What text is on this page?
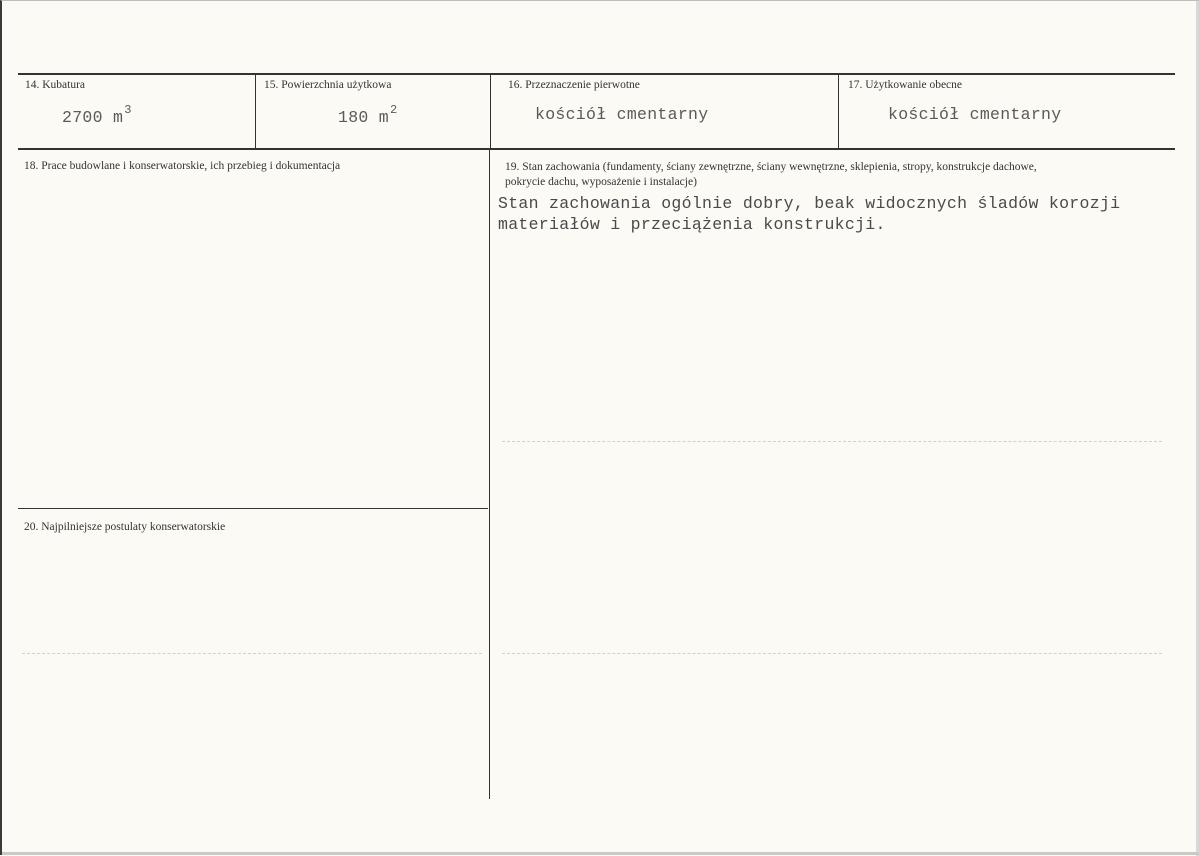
14. Kubatura
2700 $m^3$
15. Powierzchnia użytkowa
180 $m^2$
16. Przeznaczenie pierwotne
kościół cmentarny
17. Użytkowanie obecne
kościół cmentarny
18. Prace budowlane i konserwatorskie, ich przebieg i dokumentacja	19. Stan zachowania (fundamenty, ściany zewnętrzne, ściany wewnętrzne, sklepienia, stropy, konstrukcje dachowe, pokrycie dachu, wyposażenie i instalacje)
Stan zachowania ogólnie dobry, beak widocznych śladów korozji materiałów i przeciążenia konstrukcji.
20. Najpilniejsze postulaty konserwatorskie
